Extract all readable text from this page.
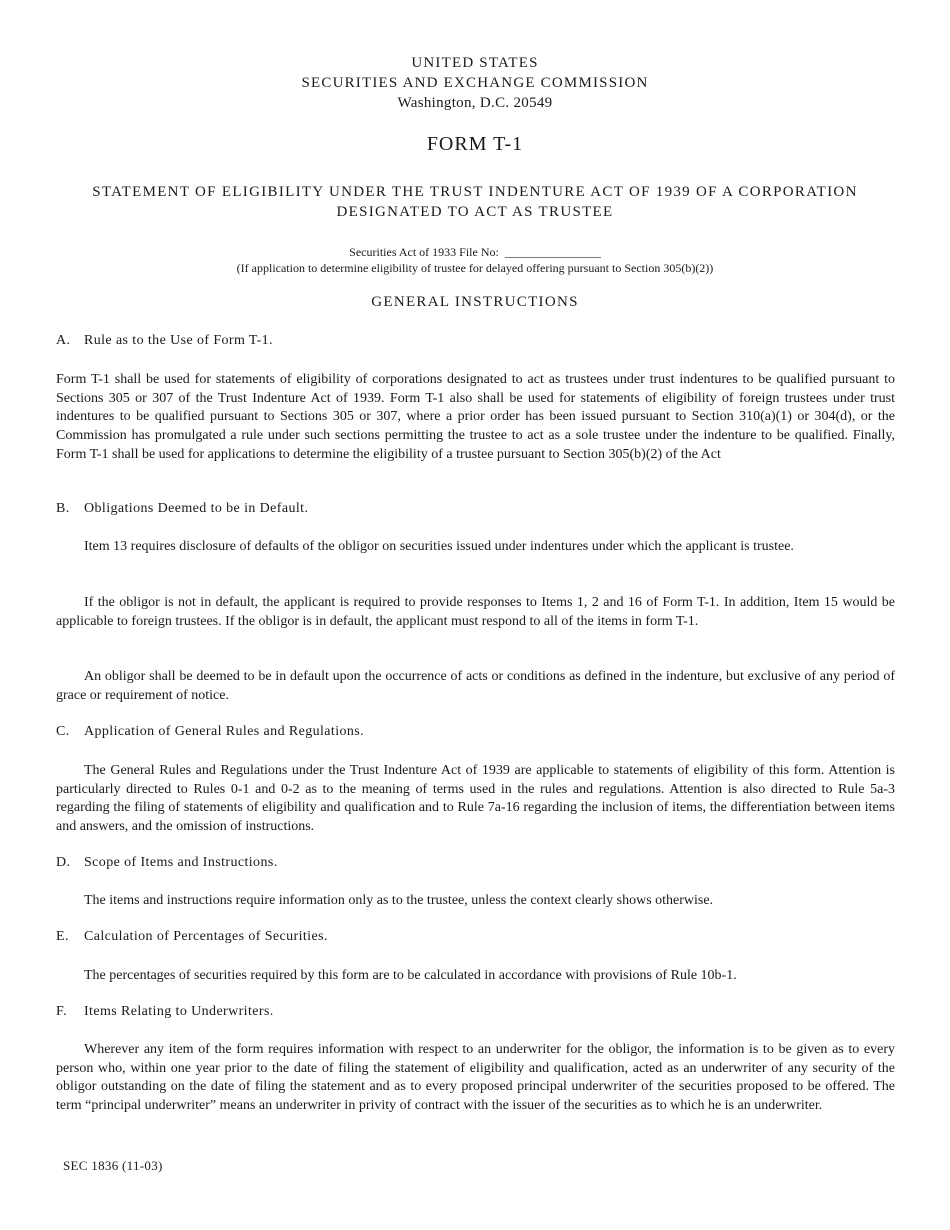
UNITED STATES
SECURITIES AND EXCHANGE COMMISSION
Washington, D.C. 20549
FORM T-1
STATEMENT OF ELIGIBILITY UNDER THE TRUST INDENTURE ACT OF 1939 OF A CORPORATION DESIGNATED TO ACT AS TRUSTEE
Securities Act of 1933 File No:  ________________
(If application to determine eligibility of trustee for delayed offering pursuant to Section 305(b)(2))
GENERAL INSTRUCTIONS
A. Rule as to the Use of Form T-1.
Form T-1 shall be used for statements of eligibility of corporations designated to act as trustees under trust indentures to be qualified pursuant to Sections 305 or 307 of the Trust Indenture Act of 1939. Form T-1 also shall be used for statements of eligibility of foreign trustees under trust indentures to be qualified pursuant to Sections 305 or 307, where a prior order has been issued pursuant to Section 310(a)(1) or 304(d), or the Commission has promulgated a rule under such sections permitting the trustee to act as a sole trustee under the indenture to be qualified. Finally, Form T-1 shall be used for applications to determine the eligibility of a trustee pursuant to Section 305(b)(2) of the Act
B. Obligations Deemed to be in Default.
Item 13 requires disclosure of defaults of the obligor on securities issued under indentures under which the applicant is trustee.
If the obligor is not in default, the applicant is required to provide responses to Items 1, 2 and 16 of Form T-1. In addition, Item 15 would be applicable to foreign trustees. If the obligor is in default, the applicant must respond to all of the items in form T-1.
An obligor shall be deemed to be in default upon the occurrence of acts or conditions as defined in the indenture, but exclusive of any period of grace or requirement of notice.
C. Application of General Rules and Regulations.
The General Rules and Regulations under the Trust Indenture Act of 1939 are applicable to statements of eligibility of this form. Attention is particularly directed to Rules 0-1 and 0-2 as to the meaning of terms used in the rules and regulations. Attention is also directed to Rule 5a-3 regarding the filing of statements of eligibility and qualification and to Rule 7a-16 regarding the inclusion of items, the differentiation between items and answers, and the omission of instructions.
D. Scope of Items and Instructions.
The items and instructions require information only as to the trustee, unless the context clearly shows otherwise.
E. Calculation of Percentages of Securities.
The percentages of securities required by this form are to be calculated in accordance with provisions of Rule 10b-1.
F. Items Relating to Underwriters.
Wherever any item of the form requires information with respect to an underwriter for the obligor, the information is to be given as to every person who, within one year prior to the date of filing the statement of eligibility and qualification, acted as an underwriter of any security of the obligor outstanding on the date of filing the statement and as to every proposed principal underwriter of the securities proposed to be offered. The term “principal underwriter” means an underwriter in privity of contract with the issuer of the securities as to which he is an underwriter.
SEC 1836 (11-03)
